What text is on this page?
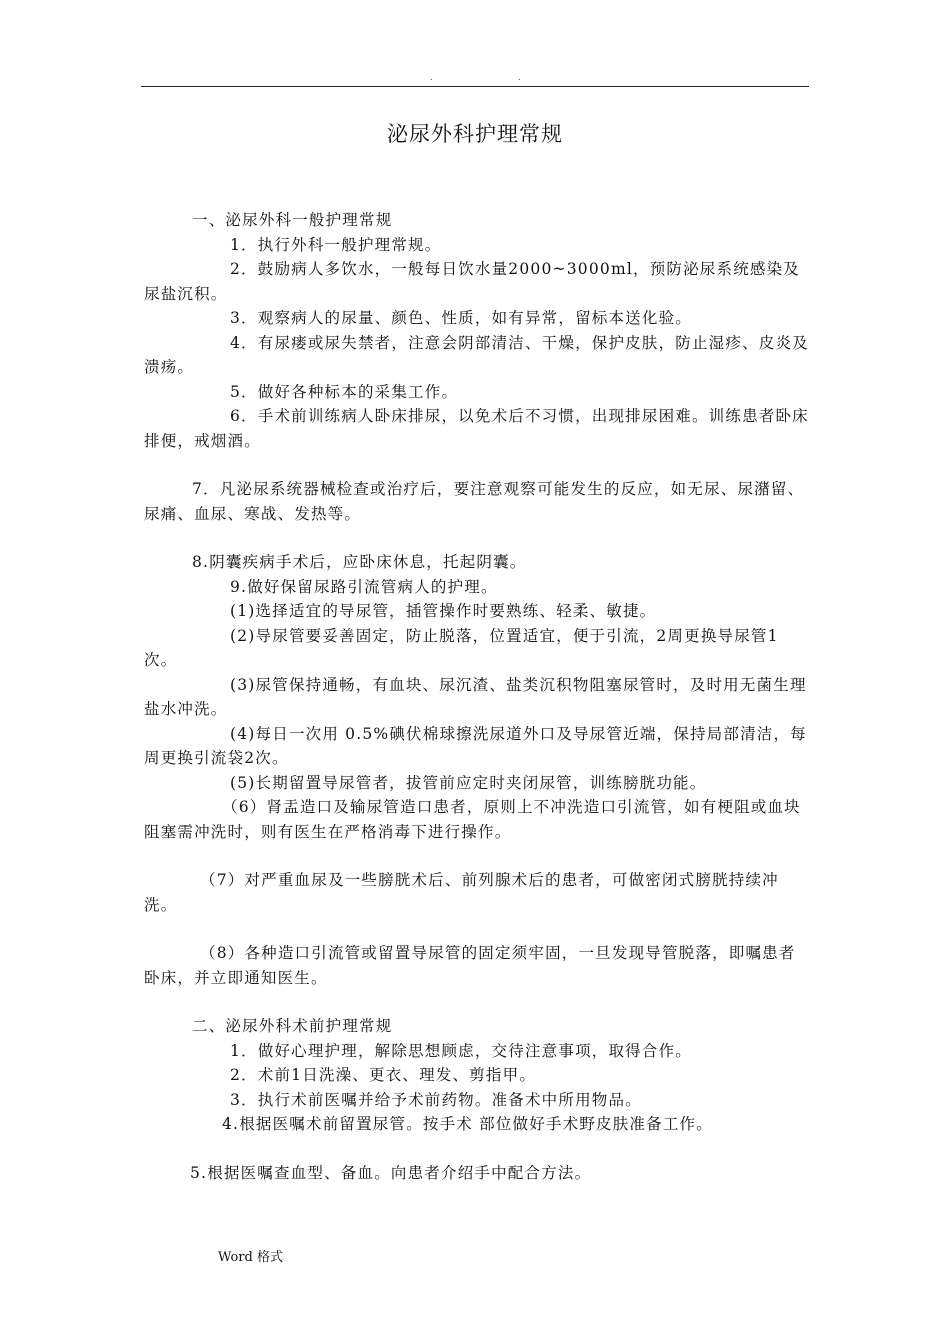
.	.
泌尿外科护理常规

一、泌尿外科一般护理常规

1．执行外科一般护理常规。

2．鼓励病人多饮水，一般每日饮水量2000~3000ml，预防泌尿系统感染及尿盐沉积。

3．观察病人的尿量、颜色、性质，如有异常，留标本送化验。

4．有尿瘘或尿失禁者，注意会阴部清洁、干燥，保护皮肤，防止湿疹、皮炎及溃疡。

5．做好各种标本的采集工作。

6．手术前训练病人卧床排尿，以免术后不习惯，出现排尿困难。训练患者卧床排便，戒烟酒。

7．凡泌尿系统器械检查或治疗后，要注意观察可能发生的反应，如无尿、尿潴留、尿痛、血尿、寒战、发热等。

8.阴囊疾病手术后，应卧床休息，托起阴囊。

9.做好保留尿路引流管病人的护理。

(1)选择适宜的导尿管，插管操作时要熟练、轻柔、敏捷。

(2)导尿管要妥善固定，防止脱落，位置适宜，便于引流，2周更换导尿管1次。

(3)尿管保持通畅，有血块、尿沉渣、盐类沉积物阻塞尿管时，及时用无菌生理盐水冲洗。

(4)每日一次用 0.5%碘伏棉球擦洗尿道外口及导尿管近端，保持局部清洁，每周更换引流袋2次。

(5)长期留置导尿管者，拔管前应定时夹闭尿管，训练膀胱功能。

（6）肾盂造口及输尿管造口患者，原则上不冲洗造口引流管，如有梗阻或血块阻塞需冲洗时，则有医生在严格消毒下进行操作。

（7）对严重血尿及一些膀胱术后、前列腺术后的患者，可做密闭式膀胱持续冲洗。

（8）各种造口引流管或留置导尿管的固定须牢固，一旦发现导管脱落，即嘱患者卧床，并立即通知医生。

二、泌尿外科术前护理常规

1．做好心理护理，解除思想顾虑，交待注意事项，取得合作。

2．术前1日洗澡、更衣、理发、剪指甲。

3．执行术前医嘱并给予术前药物。准备术中所用物品。

4.根据医嘱术前留置尿管。按手术 部位做好手术野皮肤准备工作。

5.根据医嘱查血型、备血。向患者介绍手中配合方法。

Word 格式
